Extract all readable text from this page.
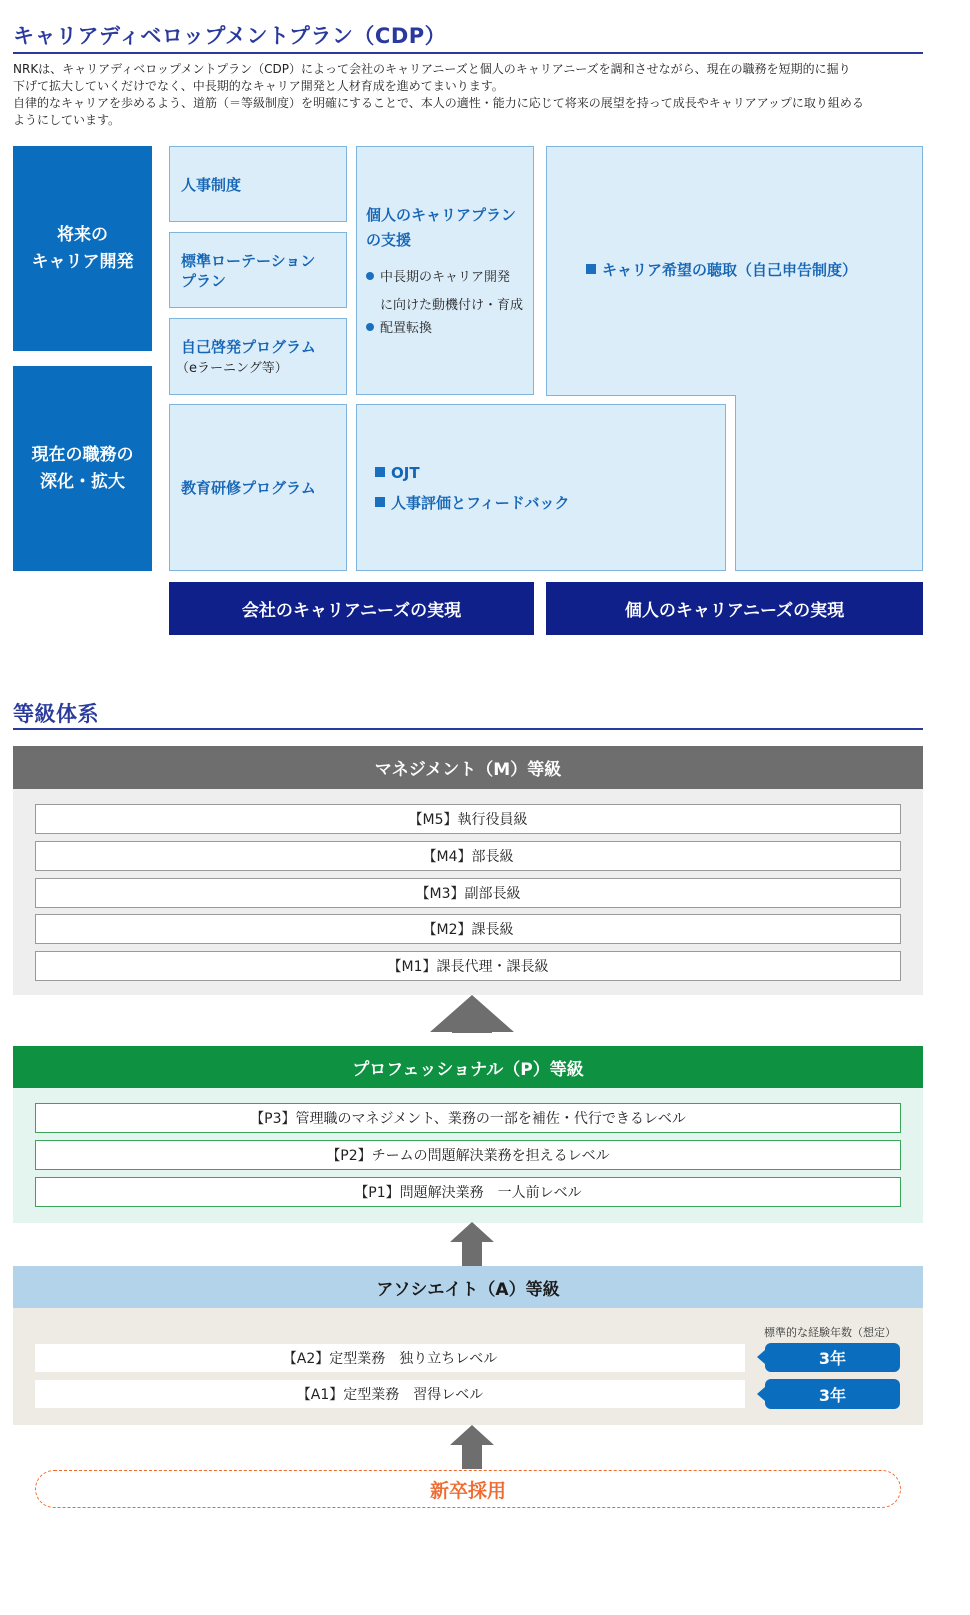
キャリアディベロップメントプラン（CDP）
NRKは、キャリアディベロップメントプラン（CDP）によって会社のキャリアニーズと個人のキャリアニーズを調和させながら、現在の職務を短期的に掘り
下げて拡大していくだけでなく、中長期的なキャリア開発と人材育成を進めてまいります。
自律的なキャリアを歩めるよう、道筋（＝等級制度）を明確にすることで、本人の適性・能力に応じて将来の展望を持って成長やキャリアアップに取り組める
ようにしています。
将来の
キャリア開発
現在の職務の
深化・拡大
人事制度
標準ローテーション
プラン
自己啓発プログラム
（eラーニング等）
教育研修プログラム
個人のキャリアプラン
の支援
中長期のキャリア開発
に向けた動機付け・育成
配置転換
キャリア希望の聴取（自己申告制度）
OJT
人事評価とフィードバック
会社のキャリアニーズの実現	個人のキャリアニーズの実現
等級体系
マネジメント（M）等級
【M5】執行役員級
【M4】部長級
【M3】副部長級
【M2】課長級
【M1】課長代理・課長級
プロフェッショナル（P）等級
【P3】管理職のマネジメント、業務の一部を補佐・代行できるレベル
【P2】チームの問題解決業務を担えるレベル
【P1】問題解決業務　一人前レベル
アソシエイト（A）等級
標準的な経験年数（想定）
【A2】定型業務　独り立ちレベル	3年
【A1】定型業務　習得レベル	3年
新卒採用
